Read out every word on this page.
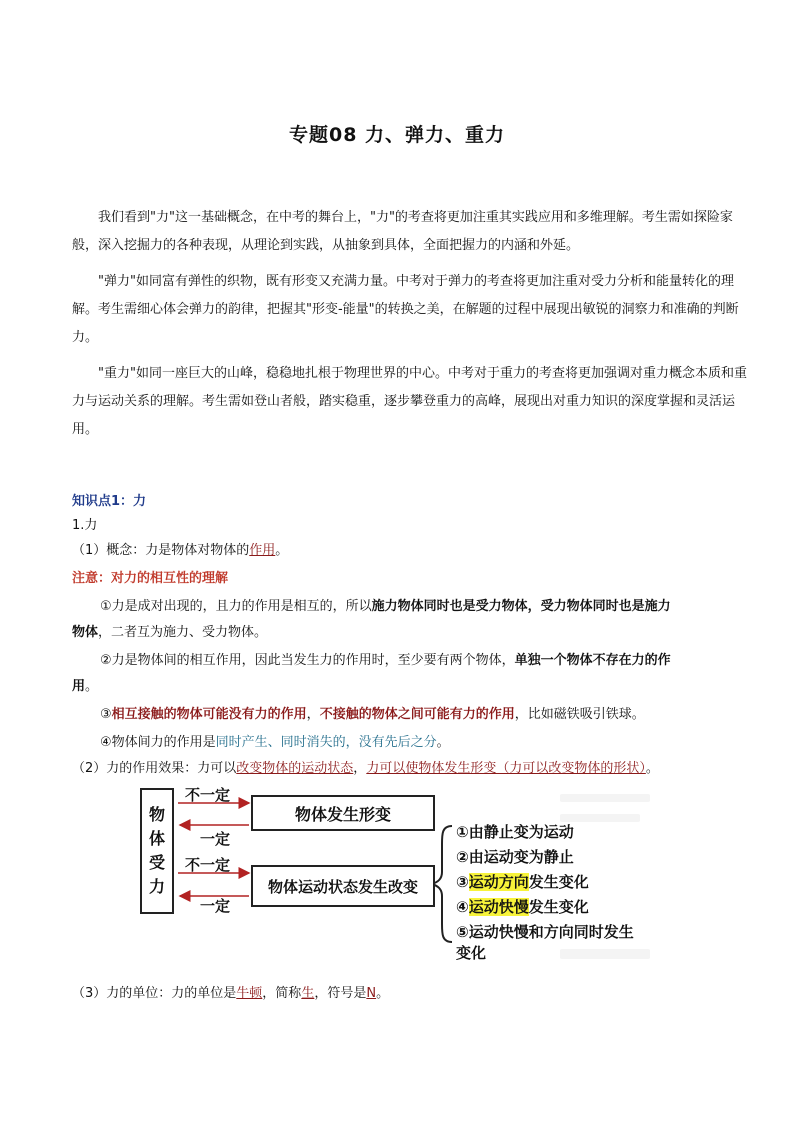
专题08 力、弹力、重力
我们看到"力"这一基础概念，在中考的舞台上，"力"的考查将更加注重其实践应用和多维理解。考生需如探险家般，深入挖掘力的各种表现，从理论到实践，从抽象到具体，全面把握力的内涵和外延。
"弹力"如同富有弹性的织物，既有形变又充满力量。中考对于弹力的考查将更加注重对受力分析和能量转化的理解。考生需细心体会弹力的韵律，把握其"形变-能量"的转换之美，在解题的过程中展现出敏锐的洞察力和准确的判断力。
"重力"如同一座巨大的山峰，稳稳地扎根于物理世界的中心。中考对于重力的考查将更加强调对重力概念本质和重力与运动关系的理解。考生需如登山者般，踏实稳重，逐步攀登重力的高峰，展现出对重力知识的深度掌握和灵活运用。
知识点1：力
1.力
（1）概念：力是物体对物体的作用。
注意：对力的相互性的理解
①力是成对出现的，且力的作用是相互的，所以施力物体同时也是受力物体，受力物体同时也是施力
物体，二者互为施力、受力物体。
②力是物体间的相互作用，因此当发生力的作用时，至少要有两个物体，单独一个物体不存在力的作
用。
③相互接触的物体可能没有力的作用，不接触的物体之间可能有力的作用，比如磁铁吸引铁球。
④物体间力的作用是同时产生、同时消失的，没有先后之分。
（2）力的作用效果：力可以改变物体的运动状态，力可以使物体发生形变（力可以改变物体的形状）。
物体受力
不一定
一定
不一定
一定
物体发生形变
物体运动状态发生改变
①由静止变为运动
②由运动变为静止
③运动方向发生变化
④运动快慢发生变化
⑤运动快慢和方向同时发生
变化
（3）力的单位：力的单位是牛顿，简称生，符号是N。
